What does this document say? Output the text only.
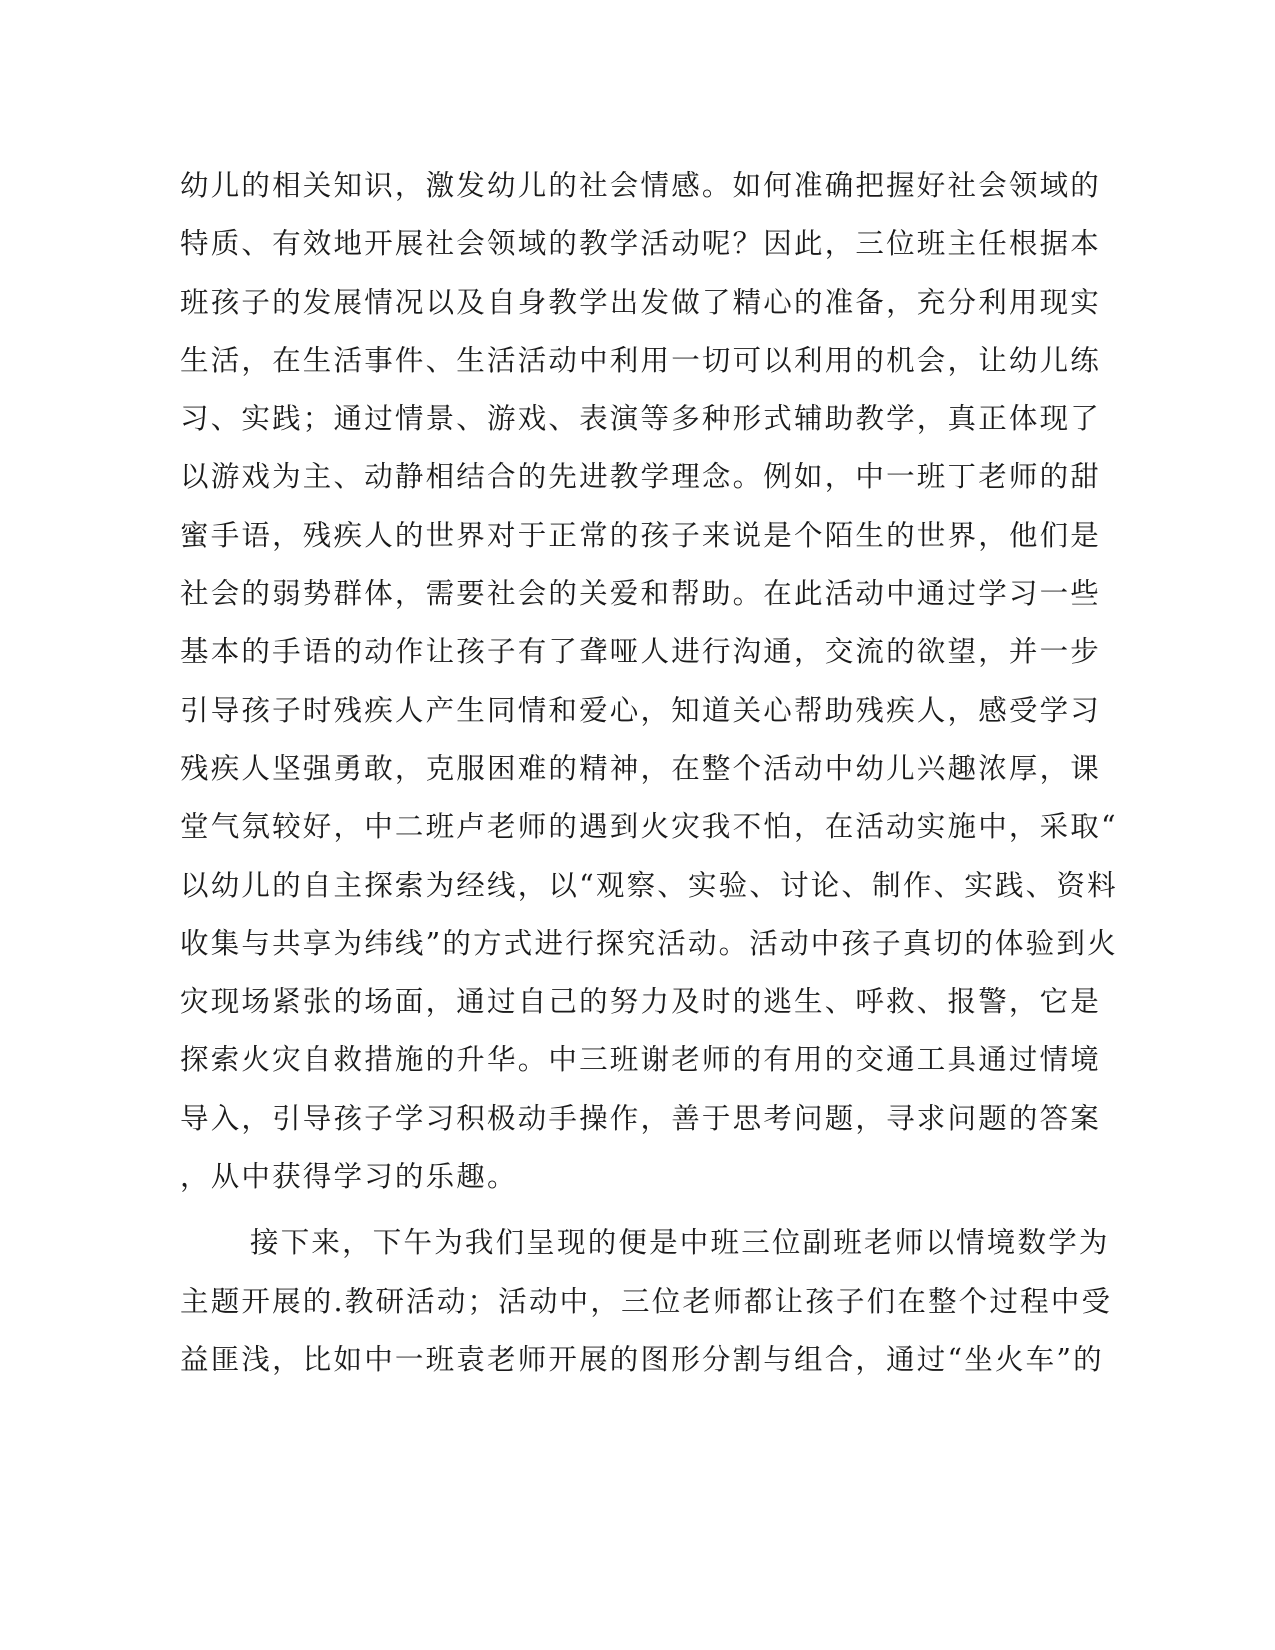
幼儿的相关知识，激发幼儿的社会情感。如何准确把握好社会领域的
特质、有效地开展社会领域的教学活动呢？因此，三位班主任根据本
班孩子的发展情况以及自身教学出发做了精心的准备，充分利用现实
生活，在生活事件、生活活动中利用一切可以利用的机会，让幼儿练
习、实践；通过情景、游戏、表演等多种形式辅助教学，真正体现了
以游戏为主、动静相结合的先进教学理念。例如，中一班丁老师的甜
蜜手语，残疾人的世界对于正常的孩子来说是个陌生的世界，他们是
社会的弱势群体，需要社会的关爱和帮助。在此活动中通过学习一些
基本的手语的动作让孩子有了聋哑人进行沟通，交流的欲望，并一步
引导孩子时残疾人产生同情和爱心，知道关心帮助残疾人，感受学习
残疾人坚强勇敢，克服困难的精神，在整个活动中幼儿兴趣浓厚，课
堂气氛较好，中二班卢老师的遇到火灾我不怕，在活动实施中，采取“
以幼儿的自主探索为经线，以“观察、实验、讨论、制作、实践、资料
收集与共享为纬线”的方式进行探究活动。活动中孩子真切的体验到火
灾现场紧张的场面，通过自己的努力及时的逃生、呼救、报警，它是
探索火灾自救措施的升华。中三班谢老师的有用的交通工具通过情境
导入，引导孩子学习积极动手操作，善于思考问题，寻求问题的答案
，从中获得学习的乐趣。
接下来，下午为我们呈现的便是中班三位副班老师以情境数学为
主题开展的.教研活动；活动中，三位老师都让孩子们在整个过程中受
益匪浅，比如中一班袁老师开展的图形分割与组合，通过“坐火车”的
